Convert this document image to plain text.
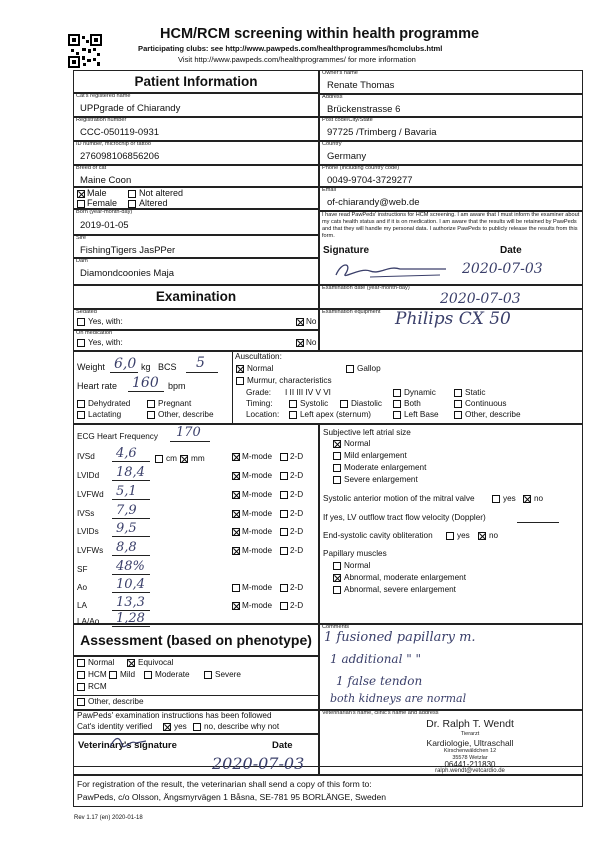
HCM/RCM screening within health programme
Participating clubs: see http://www.pawpeds.com/healthprogrammes/hcmclubs.html
Visit http://www.pawpeds.com/healthprogrammes/ for more information
Patient Information
Cat's registered name
UPPgrade of Chiarandy
Registration number
CCC-050119-0931
ID number, microchip or tattoo
276098106856206
Breed of cat
Maine Coon
Male	Not altered
Female Altered
Born (year-month-day)
2019-01-05
Sire
FishingTigers JasPPer
Dam
Diamondcoonies Maja
Owner's name
Renate Thomas
Address
Brückenstrasse 6
Post code/City/State
97725 /Trimberg / Bavaria
Country
Germany
Phone (including country code)
0049-9704-3729277
Email
of-chiarandy@web.de
I have read PawPeds' instructions for HCM screening. I am aware that I must inform the examiner about my cats health status and if it is on medication. I am aware that the results will be retained by PawPeds and that they will handle my personal data. I authorize PawPeds to publicly release the results from this form.
Signature	Date
2020-07-03
Examination
Examination date (year-month-day)
2020-07-03
Sedated
Yes, with:	No
On medication
Yes, with:	No
Examination equipment Philips CX 50
Weight 6,0 kg BCS 5
Heart rate 160 bpm
Dehydrated	Pregnant
Lactating	Other, describe
Auscultation:
Normal	Gallop
Murmur, characteristics
Grade: I II III IV V VI	Dynamic	Static
Timing:	Systolic	Diastolic	Both	Continuous
Location:	Left apex (sternum)	Left Base	Other, describe
ECG Heart Frequency 170
IVSd 4,6	M-mode 2-D
LVIDd 18,4	M-mode 2-D
LVFWd 5,1	M-mode 2-D
IVSs 7,9	M-mode 2-D
LVIDs 9,5	M-mode 2-D
LVFWs 8,8	M-mode 2-D
SF 48%
Ao 10,4	M-mode 2-D
LA 13,3	M-mode 2-D
LA/Ao 1,28
cm mm
Subjective left atrial size
Normal
Mild enlargement
Moderate enlargement
Severe enlargement
Systolic anterior motion of the mitral valve	yes no
If yes, LV outflow tract flow velocity (Doppler)
End-systolic cavity obliteration	yes no
Papillary muscles
Normal
Abnormal, moderate enlargement
Abnormal, severe enlargement
Assessment (based on phenotype)
Normal	Equivocal
HCM Mild Moderate	Severe
RCM
Other, describe
PawPeds' examination instructions has been followed
Cat's identity verified	yes no, describe why not
Veterinary's signature	Date
2020-07-03
Comments
1 fusioned papillary m.
1 additional " "
1 false tendon
both kidneys are normal
Veterinarian's name, clinic's name and address
Dr. Ralph T. Wendt
Tierarzt
Kardiologie, Ultraschall
Kirschenwäldchen 12
35578 Wetzlar
06441-211830
ralph.wendt@vetcardio.de
For registration of the result, the veterinarian shall send a copy of this form to:
PawPeds, c/o Olsson, Ängsmyrvägen 1 Båsna, SE-781 95 BORLÄNGE, Sweden
Rev 1.17 (en) 2020-01-18
